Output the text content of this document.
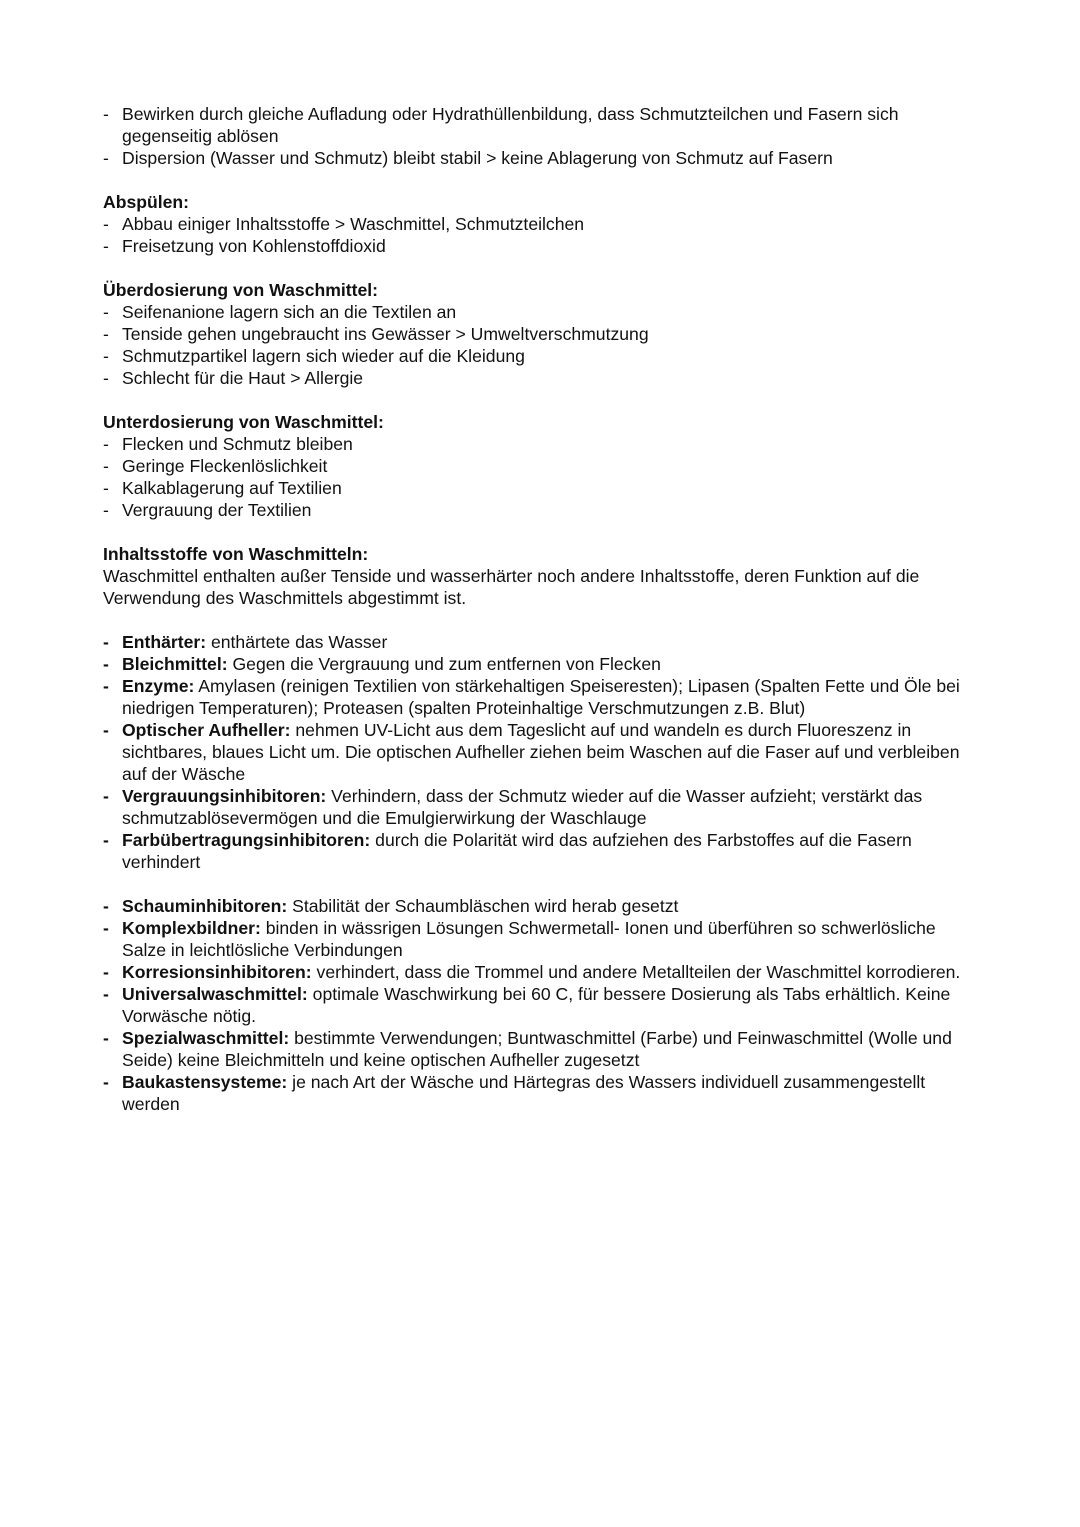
- Bewirken durch gleiche Aufladung oder Hydrathüllenbildung, dass Schmutzteilchen und Fasern sich gegenseitig ablösen
- Dispersion (Wasser und Schmutz) bleibt stabil > keine Ablagerung von Schmutz auf Fasern
Abspülen:
- Abbau einiger Inhaltsstoffe > Waschmittel, Schmutzteilchen
- Freisetzung von Kohlenstoffdioxid
Überdosierung von Waschmittel:
- Seifenanione lagern sich an die Textilen an
- Tenside gehen ungebraucht ins Gewässer > Umweltverschmutzung
- Schmutzpartikel lagern sich wieder auf die Kleidung
- Schlecht für die Haut > Allergie
Unterdosierung von Waschmittel:
- Flecken und Schmutz bleiben
- Geringe Fleckenlöslichkeit
- Kalkablagerung auf Textilien
- Vergrauung der Textilien
Inhaltsstoffe von Waschmitteln:
Waschmittel enthalten außer Tenside und wasserhärter noch andere Inhaltsstoffe, deren Funktion auf die Verwendung des Waschmittels abgestimmt ist.
- Enthärter: enthärtete das Wasser
- Bleichmittel: Gegen die Vergrauung und zum entfernen von Flecken
- Enzyme: Amylasen (reinigen Textilien von stärkehaltigen Speiseresten); Lipasen (Spalten Fette und Öle bei niedrigen Temperaturen); Proteasen (spalten Proteinhaltige Verschmutzungen z.B. Blut)
- Optischer Aufheller: nehmen UV-Licht aus dem Tageslicht auf und wandeln es durch Fluoreszenz in sichtbares, blaues Licht um. Die optischen Aufheller ziehen beim Waschen auf die Faser auf und verbleiben auf der Wäsche
- Vergrauungsinhibitoren: Verhindern, dass der Schmutz wieder auf die Wasser aufzieht; verstärkt das schmutzablösevermögen und die Emulgierwirkung der Waschlauge
- Farbübertragungsinhibitoren: durch die Polarität wird das aufziehen des Farbstoffes auf die Fasern verhindert
- Schauminhibitoren: Stabilität der Schaumbläschen wird herab gesetzt
- Komplexbildner: binden in wässrigen Lösungen Schwermetall- Ionen und überführen so schwerlösliche Salze in leichtlösliche Verbindungen
- Korresionsinhibitoren: verhindert, dass die Trommel und andere Metallteilen der Waschmittel korrodieren.
- Universalwaschmittel: optimale Waschwirkung bei 60 C, für bessere Dosierung als Tabs erhältlich. Keine Vorwäsche nötig.
- Spezialwaschmittel: bestimmte Verwendungen; Buntwaschmittel (Farbe) und Feinwaschmittel (Wolle und Seide) keine Bleichmitteln und keine optischen Aufheller zugesetzt
- Baukastensysteme: je nach Art der Wäsche und Härtegras des Wassers individuell zusammengestellt werden
